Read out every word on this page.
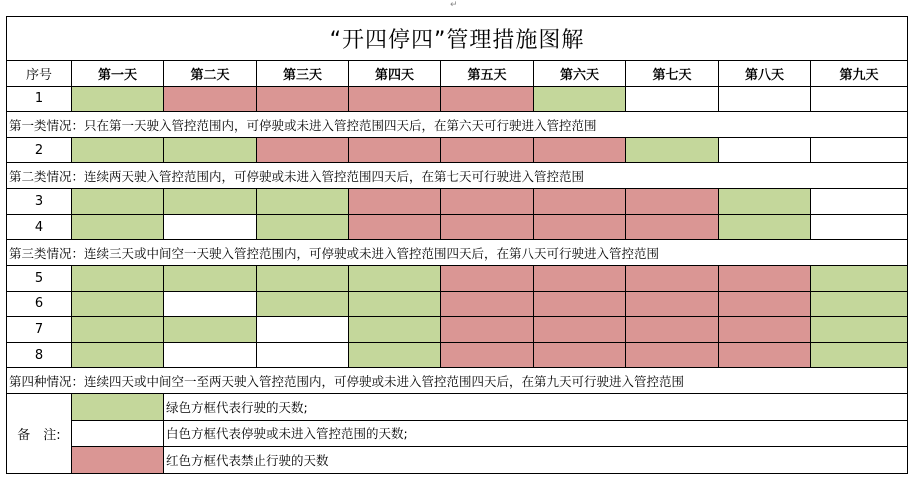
↵
“开四停四”管理措施图解									
序号	第一天	第二天	第三天	第四天	第五天	第六天	第七天	第八天	第九天
1									
第一类情况：只在第一天驶入管控范围内，可停驶或未进入管控范围四天后，在第六天可行驶进入管控范围									
2									
第二类情况：连续两天驶入管控范围内，可停驶或未进入管控范围四天后，在第七天可行驶进入管控范围									
3									
4									
第三类情况：连续三天或中间空一天驶入管控范围内，可停驶或未进入管控范围四天后，在第八天可行驶进入管控范围									
5									
6									
7									
8									
第四种情况：连续四天或中间空一至两天驶入管控范围内，可停驶或未进入管控范围四天后，在第九天可行驶进入管控范围									
备　注:		绿色方框代表行驶的天数;							
		白色方框代表停驶或未进入管控范围的天数;							
		红色方框代表禁止行驶的天数							
